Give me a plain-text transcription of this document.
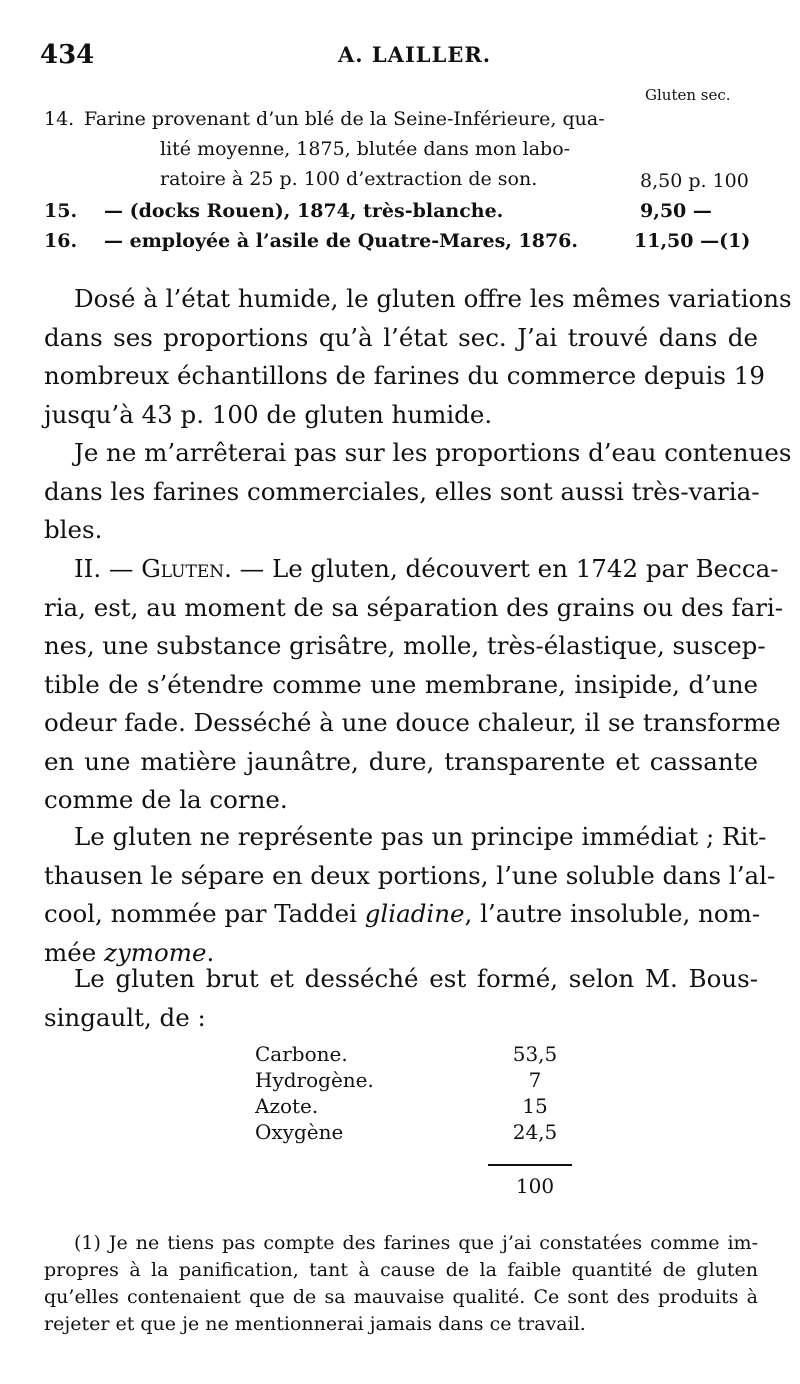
434	A. LAILLER.
Gluten sec.
14. Farine provenant d’un blé de la Seine-Inférieure, qua-
lité moyenne, 1875, blutée dans mon labo-
ratoire à 25 p. 100 d’extraction de son.	8,50 p. 100
15. — (docks Rouen), 1874, très-blanche.	9,50 —
16. — employée à l’asile de Quatre-Mares, 1876.	11,50 —(1)
Dosé à l’état humide, le gluten offre les mêmes variations
dans ses proportions qu’à l’état sec. J’ai trouvé dans de
nombreux échantillons de farines du commerce depuis 19
jusqu’à 43 p. 100 de gluten humide.
Je ne m’arrêterai pas sur les proportions d’eau contenues
dans les farines commerciales, elles sont aussi très-varia-
bles.
II. — Gluten. — Le gluten, découvert en 1742 par Becca-
ria, est, au moment de sa séparation des grains ou des fari-
nes, une substance grisâtre, molle, très-élastique, suscep-
tible de s’étendre comme une membrane, insipide, d’une
odeur fade. Desséché à une douce chaleur, il se transforme
en une matière jaunâtre, dure, transparente et cassante
comme de la corne.
Le gluten ne représente pas un principe immédiat ; Rit-
thausen le sépare en deux portions, l’une soluble dans l’al-
cool, nommée par Taddei gliadine, l’autre insoluble, nom-
mée zymome.
Le gluten brut et desséché est formé, selon M. Bous-
singault, de :
Carbone.	53,5
Hydrogène.	7
Azote.	15
Oxygène	24,5
100
(1) Je ne tiens pas compte des farines que j’ai constatées comme im-
propres à la panification, tant à cause de la faible quantité de gluten
qu’elles contenaient que de sa mauvaise qualité. Ce sont des produits à
rejeter et que je ne mentionnerai jamais dans ce travail.
